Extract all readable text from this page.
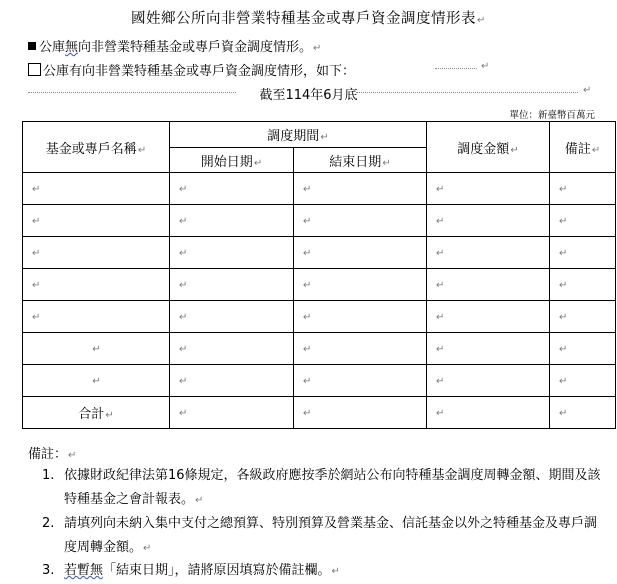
國姓鄉公所向非營業特種基金或專戶資金調度情形表↵
公庫無向非營業特種基金或專戶資金調度情形。↵
公庫有向非營業特種基金或專戶資金調度情形，如下：	↵
截至114年6月底	↵
單位：新臺幣百萬元
基金或專戶名稱↵	調度期間↵		調度金額↵	備註↵
	開始日期↵	結束日期↵		
↵	↵	↵	↵	↵
↵	↵	↵	↵	↵
↵	↵	↵	↵	↵
↵	↵	↵	↵	↵
↵	↵	↵	↵	↵
↵	↵	↵	↵	↵
↵	↵	↵	↵	↵
合計↵	↵	↵	↵	↵
備註：↵
1. 依據財政紀律法第16條規定，各級政府應按季於網站公布向特種基金調度周轉金額、期間及該特種基金之會計報表。↵
2. 請填列向未納入集中支付之總預算、特別預算及營業基金、信託基金以外之特種基金及專戶調度周轉金額。↵
3. 若暫無「結束日期」，請將原因填寫於備註欄。↵
